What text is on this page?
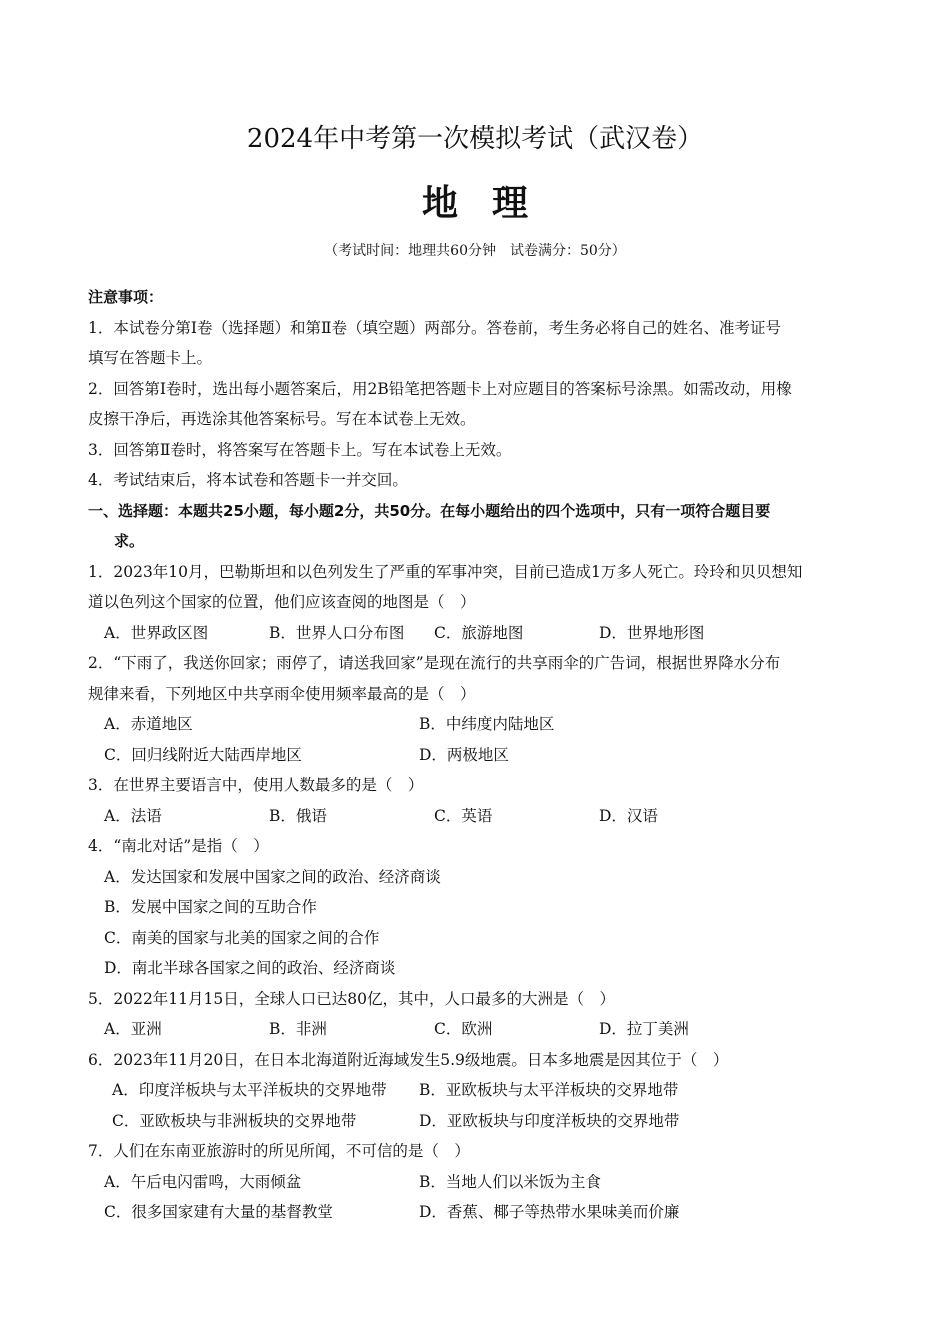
2024年中考第一次模拟考试（武汉卷）
地理
（考试时间：地理共60分钟　试卷满分：50分）
注意事项：
1．本试卷分第Ⅰ卷（选择题）和第Ⅱ卷（填空题）两部分。答卷前，考生务必将自己的姓名、准考证号
填写在答题卡上。
2．回答第Ⅰ卷时，选出每小题答案后，用2B铅笔把答题卡上对应题目的答案标号涂黑。如需改动，用橡
皮擦干净后，再选涂其他答案标号。写在本试卷上无效。
3．回答第Ⅱ卷时，将答案写在答题卡上。写在本试卷上无效。
4．考试结束后，将本试卷和答题卡一并交回。
一、选择题：本题共25小题，每小题2分，共50分。在每小题给出的四个选项中，只有一项符合题目要
求。
1．2023年10月，巴勒斯坦和以色列发生了严重的军事冲突，目前已造成1万多人死亡。玲玲和贝贝想知
道以色列这个国家的位置，他们应该查阅的地图是（　）
A．世界政区图	B．世界人口分布图	C．旅游地图	D．世界地形图
2．“下雨了，我送你回家；雨停了，请送我回家”是现在流行的共享雨伞的广告词，根据世界降水分布
规律来看，下列地区中共享雨伞使用频率最高的是（　）
A．赤道地区	B．中纬度内陆地区
C．回归线附近大陆西岸地区	D．两极地区
3．在世界主要语言中，使用人数最多的是（　）
A．法语	B．俄语	C．英语	D．汉语
4．“南北对话”是指（　）
A．发达国家和发展中国家之间的政治、经济商谈
B．发展中国家之间的互助合作
C．南美的国家与北美的国家之间的合作
D．南北半球各国家之间的政治、经济商谈
5．2022年11月15日，全球人口已达80亿，其中，人口最多的大洲是（　）
A．亚洲	B．非洲	C．欧洲	D．拉丁美洲
6．2023年11月20日，在日本北海道附近海域发生5.9级地震。日本多地震是因其位于（　）
A．印度洋板块与太平洋板块的交界地带	B．亚欧板块与太平洋板块的交界地带
C．亚欧板块与非洲板块的交界地带	D．亚欧板块与印度洋板块的交界地带
7．人们在东南亚旅游时的所见所闻，不可信的是（　）
A．午后电闪雷鸣，大雨倾盆	B．当地人们以米饭为主食
C．很多国家建有大量的基督教堂	D．香蕉、椰子等热带水果味美而价廉
